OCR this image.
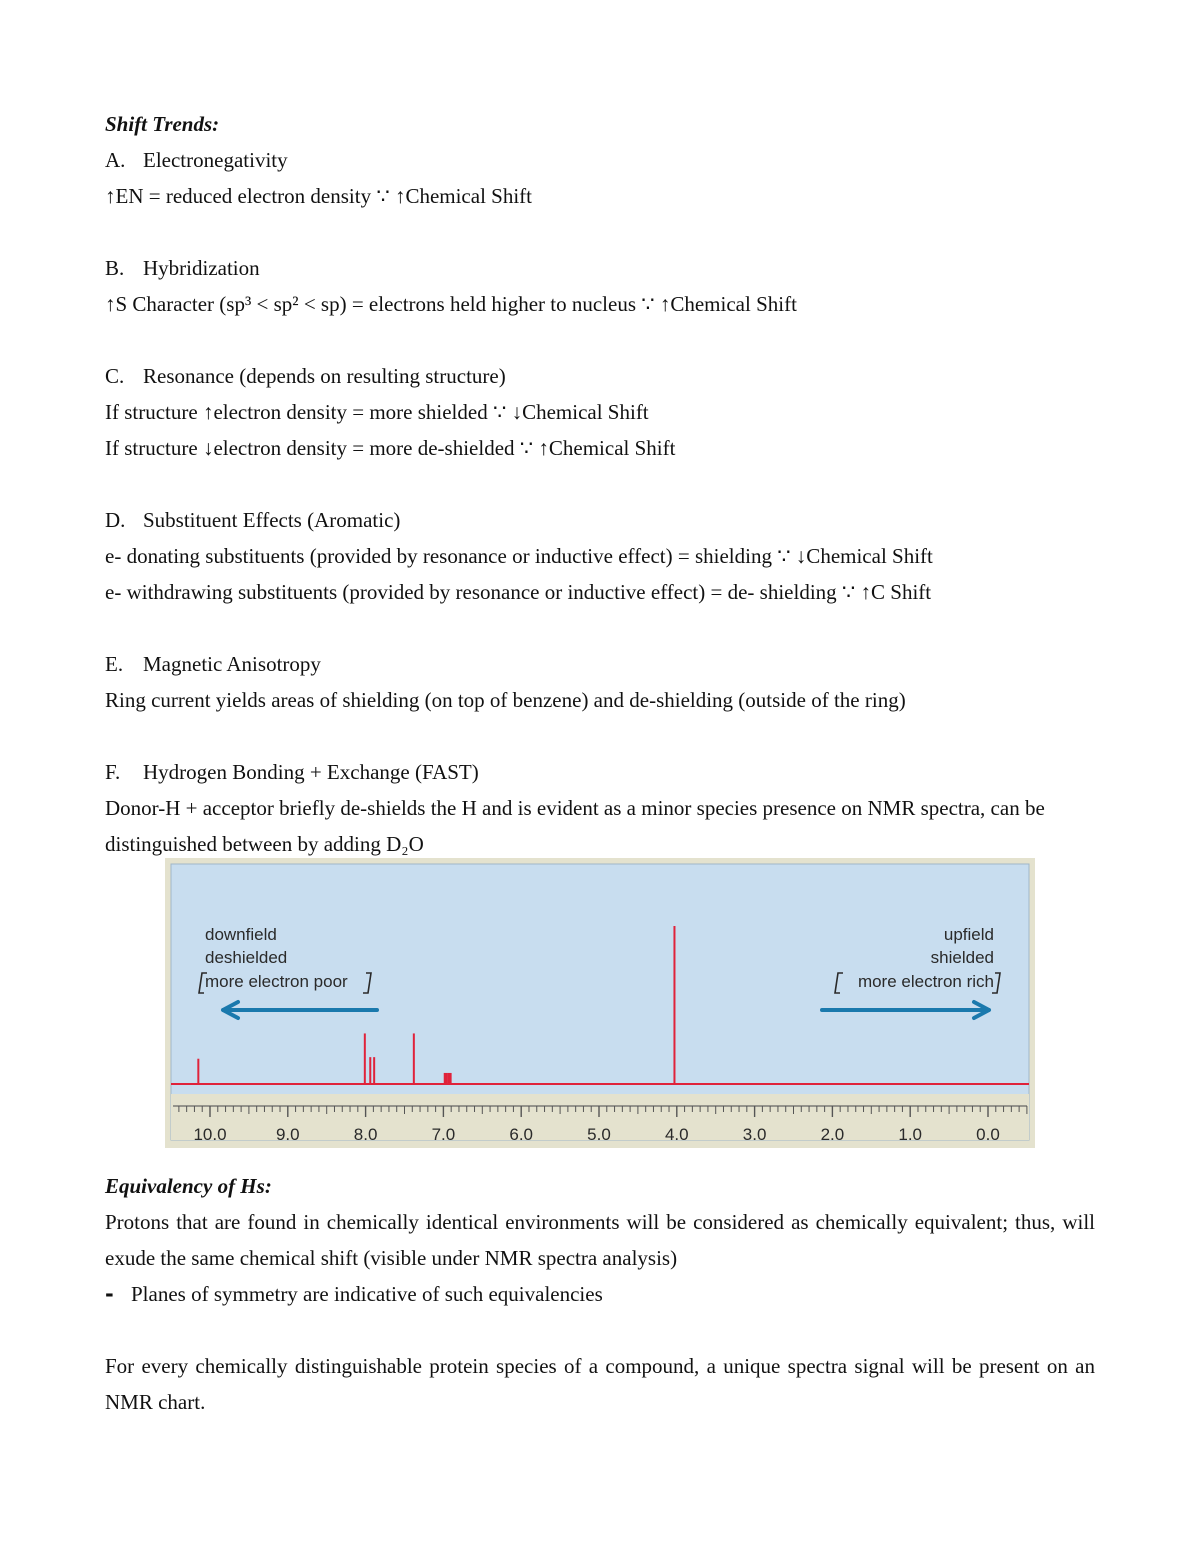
Shift Trends:
A. Electronegativity
↑EN = reduced electron density ∵ ↑Chemical Shift
B. Hybridization
↑S Character (sp³ < sp² < sp) = electrons held higher to nucleus ∵ ↑Chemical Shift
C. Resonance (depends on resulting structure)
If structure ↑electron density = more shielded ∵ ↓Chemical Shift
If structure ↓electron density = more de-shielded ∵ ↑Chemical Shift
D. Substituent Effects (Aromatic)
e- donating substituents (provided by resonance or inductive effect) = shielding ∵ ↓Chemical Shift
e- withdrawing substituents (provided by resonance or inductive effect) = de- shielding ∵ ↑C Shift
E. Magnetic Anisotropy
Ring current yields areas of shielding (on top of benzene) and de-shielding (outside of the ring)
F. Hydrogen Bonding + Exchange (FAST)
Donor-H + acceptor briefly de-shields the H and is evident as a minor species presence on NMR spectra, can be distinguished between by adding D₂O
downfield
deshielded
more electron poor
upfield
shielded
more electron rich
10.0	9.0	8.0	7.0	6.0	5.0	4.0	3.0	2.0	1.0	0.0
Equivalency of Hs:
Protons that are found in chemically identical environments will be considered as chemically equivalent; thus, will exude the same chemical shift (visible under NMR spectra analysis)
- Planes of symmetry are indicative of such equivalencies
For every chemically distinguishable protein species of a compound, a unique spectra signal will be present on an NMR chart.
